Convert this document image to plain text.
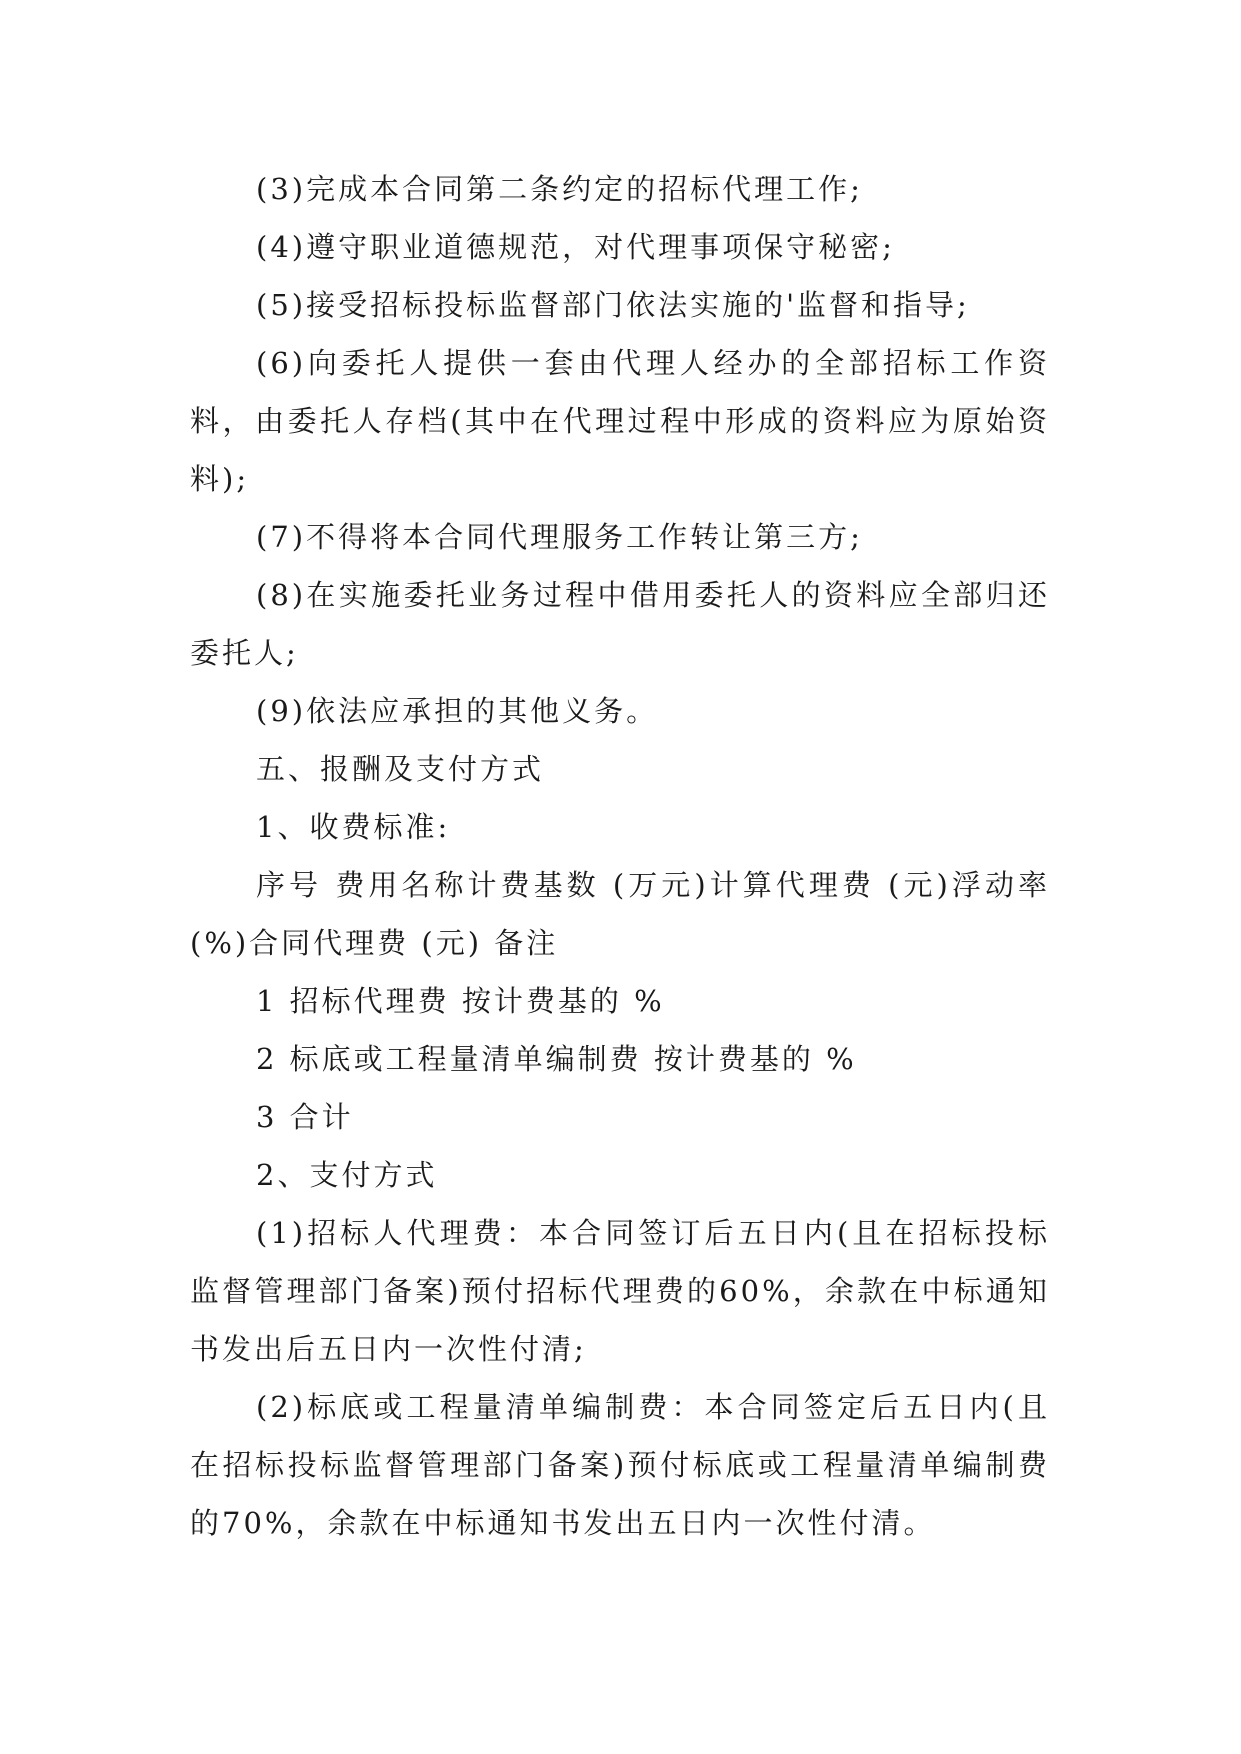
(3)完成本合同第二条约定的招标代理工作;

(4)遵守职业道德规范，对代理事项保守秘密;

(5)接受招标投标监督部门依法实施的'监督和指导;

(6)向委托人提供一套由代理人经办的全部招标工作资料，由委托人存档(其中在代理过程中形成的资料应为原始资料);

(7)不得将本合同代理服务工作转让第三方;

(8)在实施委托业务过程中借用委托人的资料应全部归还委托人;

(9)依法应承担的其他义务。

五、报酬及支付方式

1、收费标准:

序号 费用名称计费基数 (万元)计算代理费 (元)浮动率 (%)合同代理费 (元) 备注

1 招标代理费 按计费基的 %

2 标底或工程量清单编制费 按计费基的 %

3 合计

2、支付方式

(1)招标人代理费：本合同签订后五日内(且在招标投标监督管理部门备案)预付招标代理费的60%，余款在中标通知书发出后五日内一次性付清;

(2)标底或工程量清单编制费：本合同签定后五日内(且在招标投标监督管理部门备案)预付标底或工程量清单编制费的70%，余款在中标通知书发出五日内一次性付清。
